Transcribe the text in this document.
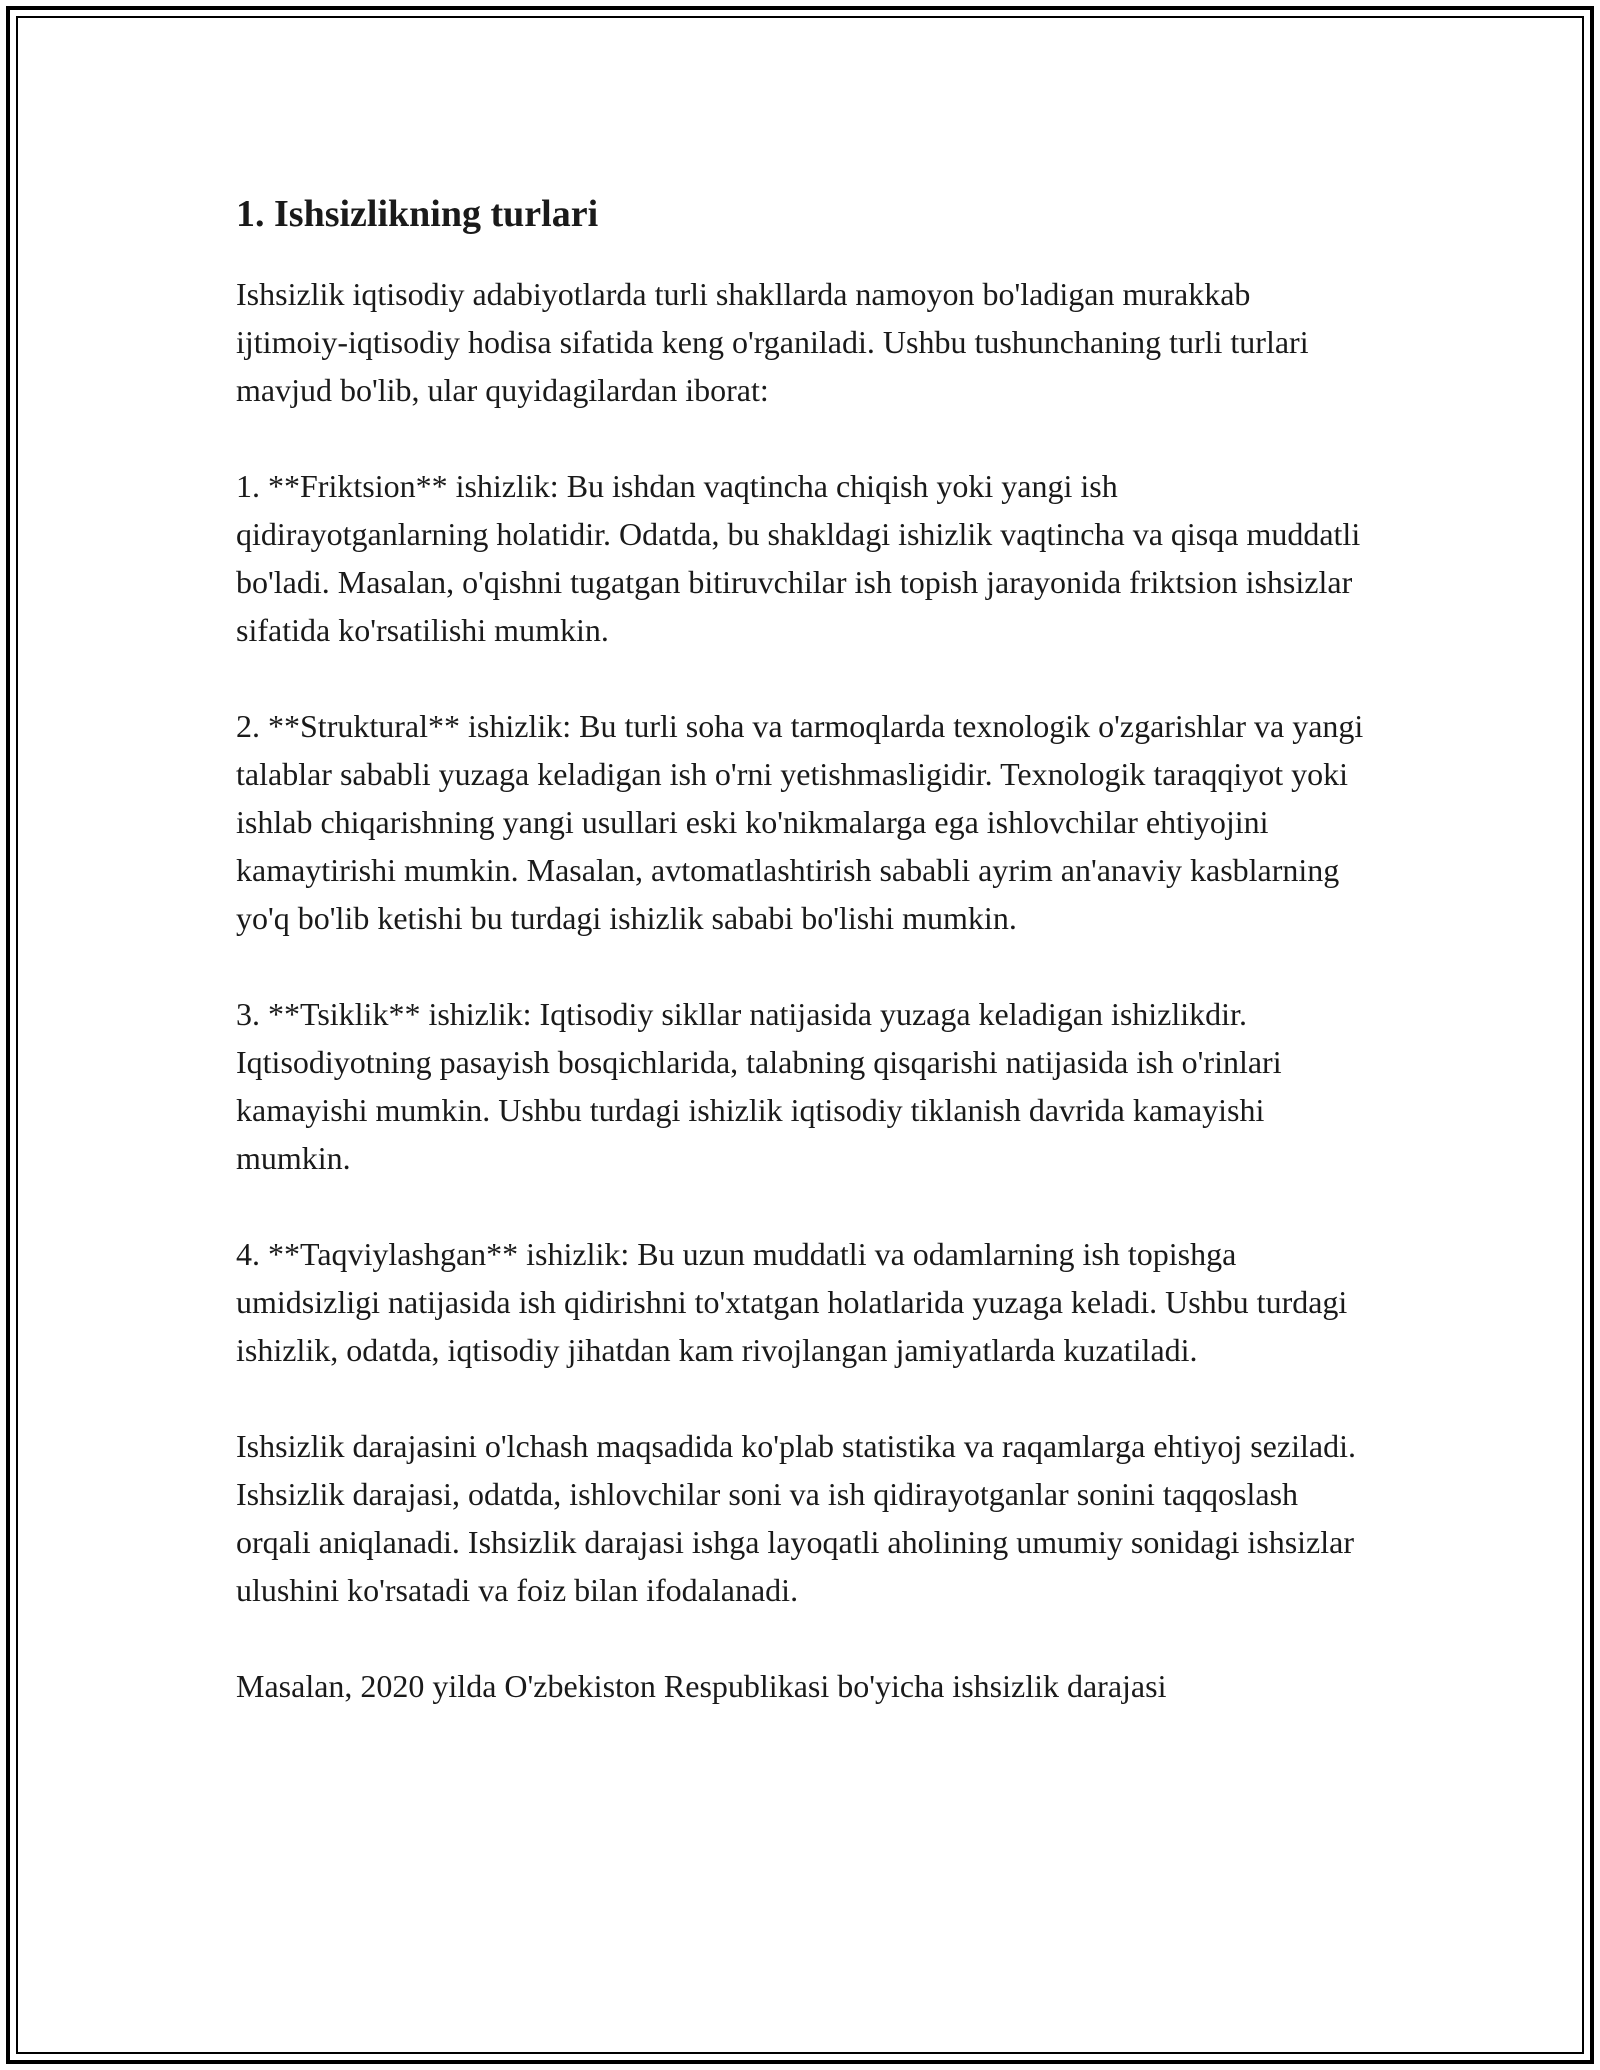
1. Ishsizlikning turlari

Ishsizlik iqtisodiy adabiyotlarda turli shakllarda namoyon bo'ladigan murakkab ijtimoiy-iqtisodiy hodisa sifatida keng o'rganiladi. Ushbu tushunchaning turli turlari mavjud bo'lib, ular quyidagilardan iborat:

1. **Friktsion** ishizlik: Bu ishdan vaqtincha chiqish yoki yangi ish qidirayotganlarning holatidir. Odatda, bu shakldagi ishizlik vaqtincha va qisqa muddatli bo'ladi. Masalan, o'qishni tugatgan bitiruvchilar ish topish jarayonida friktsion ishsizlar sifatida ko'rsatilishi mumkin.

2. **Struktural** ishizlik: Bu turli soha va tarmoqlarda texnologik o'zgarishlar va yangi talablar sababli yuzaga keladigan ish o'rni yetishmasligidir. Texnologik taraqqiyot yoki ishlab chiqarishning yangi usullari eski ko'nikmalarga ega ishlovchilar ehtiyojini kamaytirishi mumkin. Masalan, avtomatlashtirish sababli ayrim an'anaviy kasblarning yo'q bo'lib ketishi bu turdagi ishizlik sababi bo'lishi mumkin.

3. **Tsiklik** ishizlik: Iqtisodiy sikllar natijasida yuzaga keladigan ishizlikdir. Iqtisodiyotning pasayish bosqichlarida, talabning qisqarishi natijasida ish o'rinlari kamayishi mumkin. Ushbu turdagi ishizlik iqtisodiy tiklanish davrida kamayishi mumkin.

4. **Taqviylashgan** ishizlik: Bu uzun muddatli va odamlarning ish topishga umidsizligi natijasida ish qidirishni to'xtatgan holatlarida yuzaga keladi. Ushbu turdagi ishizlik, odatda, iqtisodiy jihatdan kam rivojlangan jamiyatlarda kuzatiladi.

Ishsizlik darajasini o'lchash maqsadida ko'plab statistika va raqamlarga ehtiyoj seziladi. Ishsizlik darajasi, odatda, ishlovchilar soni va ish qidirayotganlar sonini taqqoslash orqali aniqlanadi. Ishsizlik darajasi ishga layoqatli aholining umumiy sonidagi ishsizlar ulushini ko'rsatadi va foiz bilan ifodalanadi.

Masalan, 2020 yilda O'zbekiston Respublikasi bo'yicha ishsizlik darajasi
